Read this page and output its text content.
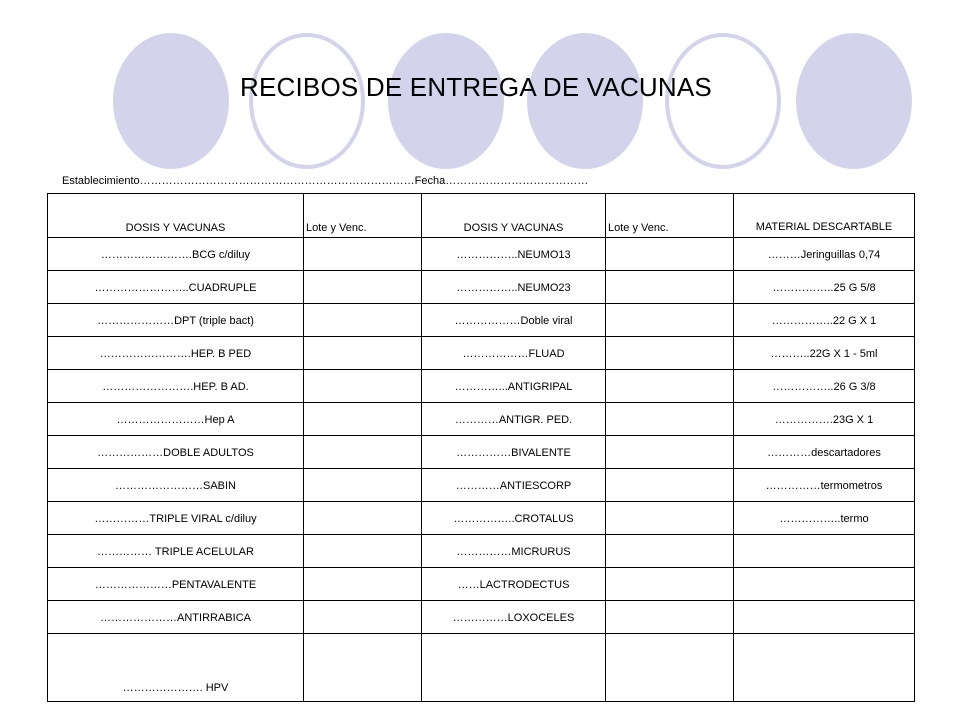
RECIBOS DE ENTREGA DE VACUNAS
Establecimiento…………………………………………………………………Fecha…………………………………
DOSIS Y VACUNAS	Lote y Venc.	DOSIS Y VACUNAS	Lote y Venc.	MATERIAL DESCARTABLE
…………………….BCG c/diluy		……………..NEUMO13		………Jeringuillas 0,74
……………………..CUADRUPLE		……………..NEUMO23		……………..25 G 5/8
…………………DPT (triple bact)		………………Doble viral		……………..22 G X 1
…………………….HEP. B PED		………………FLUAD		………..22G X 1 - 5ml
…………………….HEP. B AD.		…………...ANTIGRIPAL		……………..26 G 3/8
……………………Hep A		…………ANTIGR. PED.		…………….23G X 1
………………DOBLE ADULTOS		……………BIVALENTE		…………descartadores
……………………SABIN		…………ANTIESCORP		……………termometros
……………TRIPLE VIRAL c/diluy		……………..CROTALUS		……………..termo
…………… TRIPLE ACELULAR		……………MICRURUS		
…………………PENTAVALENTE		……LACTRODECTUS		
…………………ANTIRRABICA		……………LOXOCELES		
…………………. HPV				
